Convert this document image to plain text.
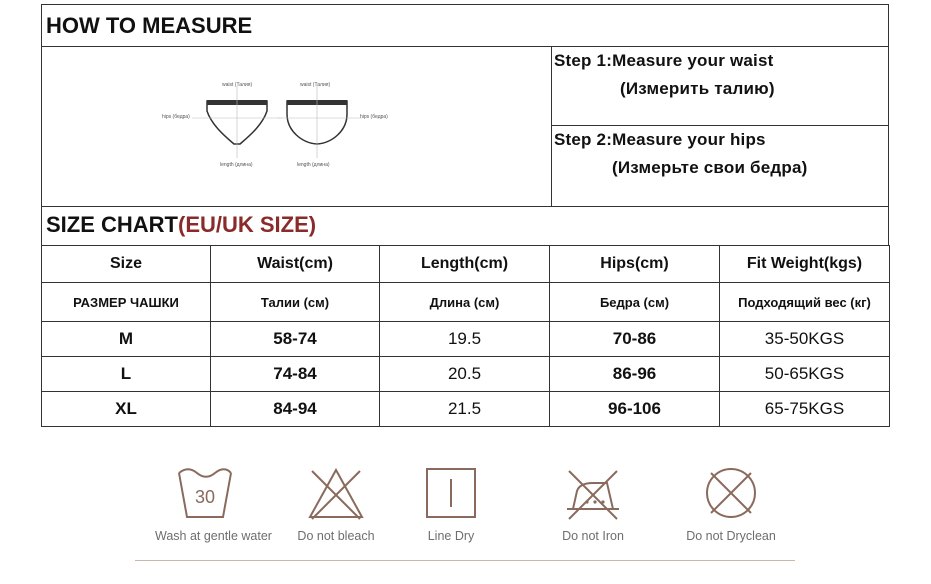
HOW TO MEASURE
waist (Талия)	waist (Талия)
hips (бедра)	hips (бедра)
length (длина)	length (длина)
Step 1:Measure your waist
(Измерить талию)
Step 2:Measure your hips
(Измерьте свои бедра)
SIZE CHART(EU/UK SIZE)
Size	Waist(cm)	Length(cm)	Hips(cm)	Fit Weight(kgs)
РАЗМЕР ЧАШКИ	Талии (см)	Длина (см)	Бедра (см)	Подходящий вес (кг)
M	58-74	19.5	70-86	35-50KGS
L	74-84	20.5	86-96	50-65KGS
XL	84-94	21.5	96-106	65-75KGS
30
Wash at gentle water	Do not bleach	Line Dry	Do not Iron	Do not Dryclean
